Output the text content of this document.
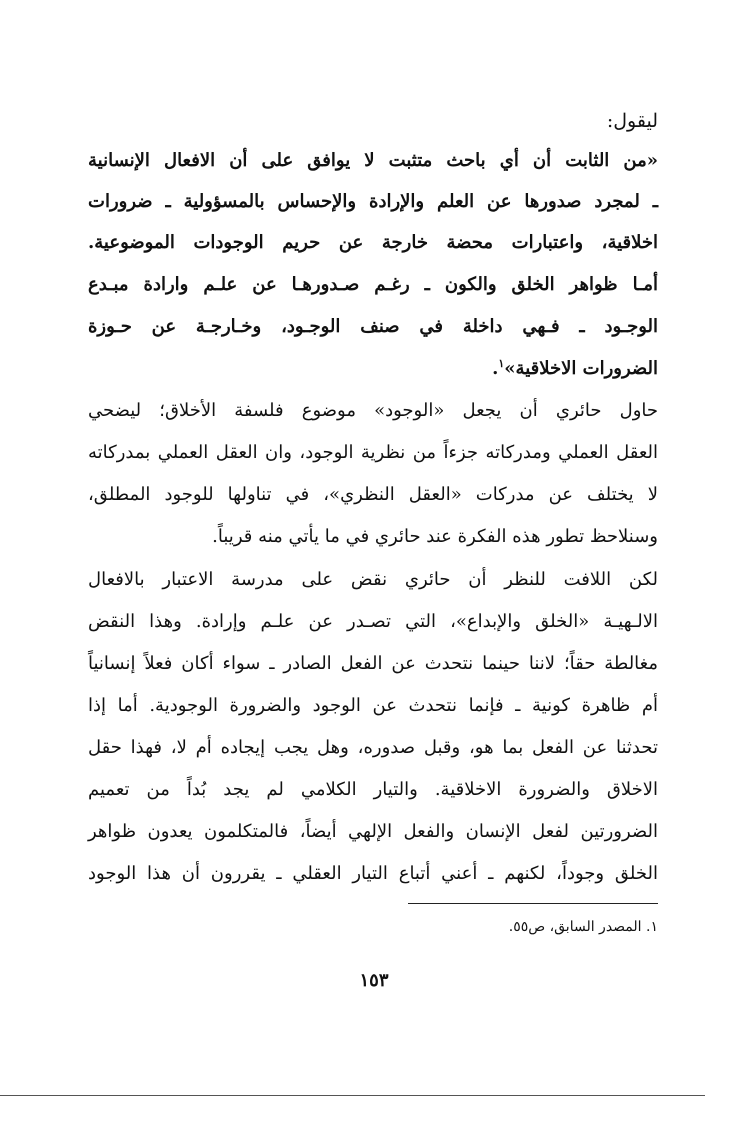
ليقول:
«من الثابت أن أي باحث متثبت لا يوافق على أن الافعال الإنسانية
ـ لمجرد صدورها عن العلم والإرادة والإحساس بالمسؤولية ـ ضرورات
اخلاقية، واعتبارات محضة خارجة عن حريم الوجودات الموضوعية.
أمـا ظواهر الخلق والكون ـ رغـم صـدورهـا عن علـم وارادة مبـدع
الوجـود ـ فـهي داخلة في صنف الوجـود، وخـارجـة عن حـوزة
الضرورات الاخلاقية»$^١$.
حاول حائري أن يجعل «الوجود» موضوع فلسفة الأخلاق؛ ليضحي
العقل العملي ومدركاته جزءاً من نظرية الوجود، وان العقل العملي بمدركاته
لا يختلف عن مدركات «العقل النظري»، في تناولها للوجود المطلق،
وسنلاحظ تطور هذه الفكرة عند حائري في ما يأتي منه قريباً.
لكن اللافت للنظر أن حائري نقض على مدرسة الاعتبار بالافعال
الالـهيـة «الخلق والإبداع»، التي تصـدر عن علـم وإرادة. وهذا النقض
مغالطة حقاً؛ لاننا حينما نتحدث عن الفعل الصادر ـ سواء أكان فعلاً إنسانياً
أم ظاهرة كونية ـ فإنما نتحدث عن الوجود والضرورة الوجودية. أما إذا
تحدثنا عن الفعل بما هو، وقبل صدوره، وهل يجب إيجاده أم لا، فهذا حقل
الاخلاق والضرورة الاخلاقية. والتيار الكلامي لم يجد بُداً من تعميم
الضرورتين لفعل الإنسان والفعل الإلهي أيضاً، فالمتكلمون يعدون ظواهر
الخلق وجوداً، لكنهم ـ أعني أتباع التيار العقلي ـ يقررون أن هذا الوجود
١. المصدر السابق، ص٥٥.
١٥٣
